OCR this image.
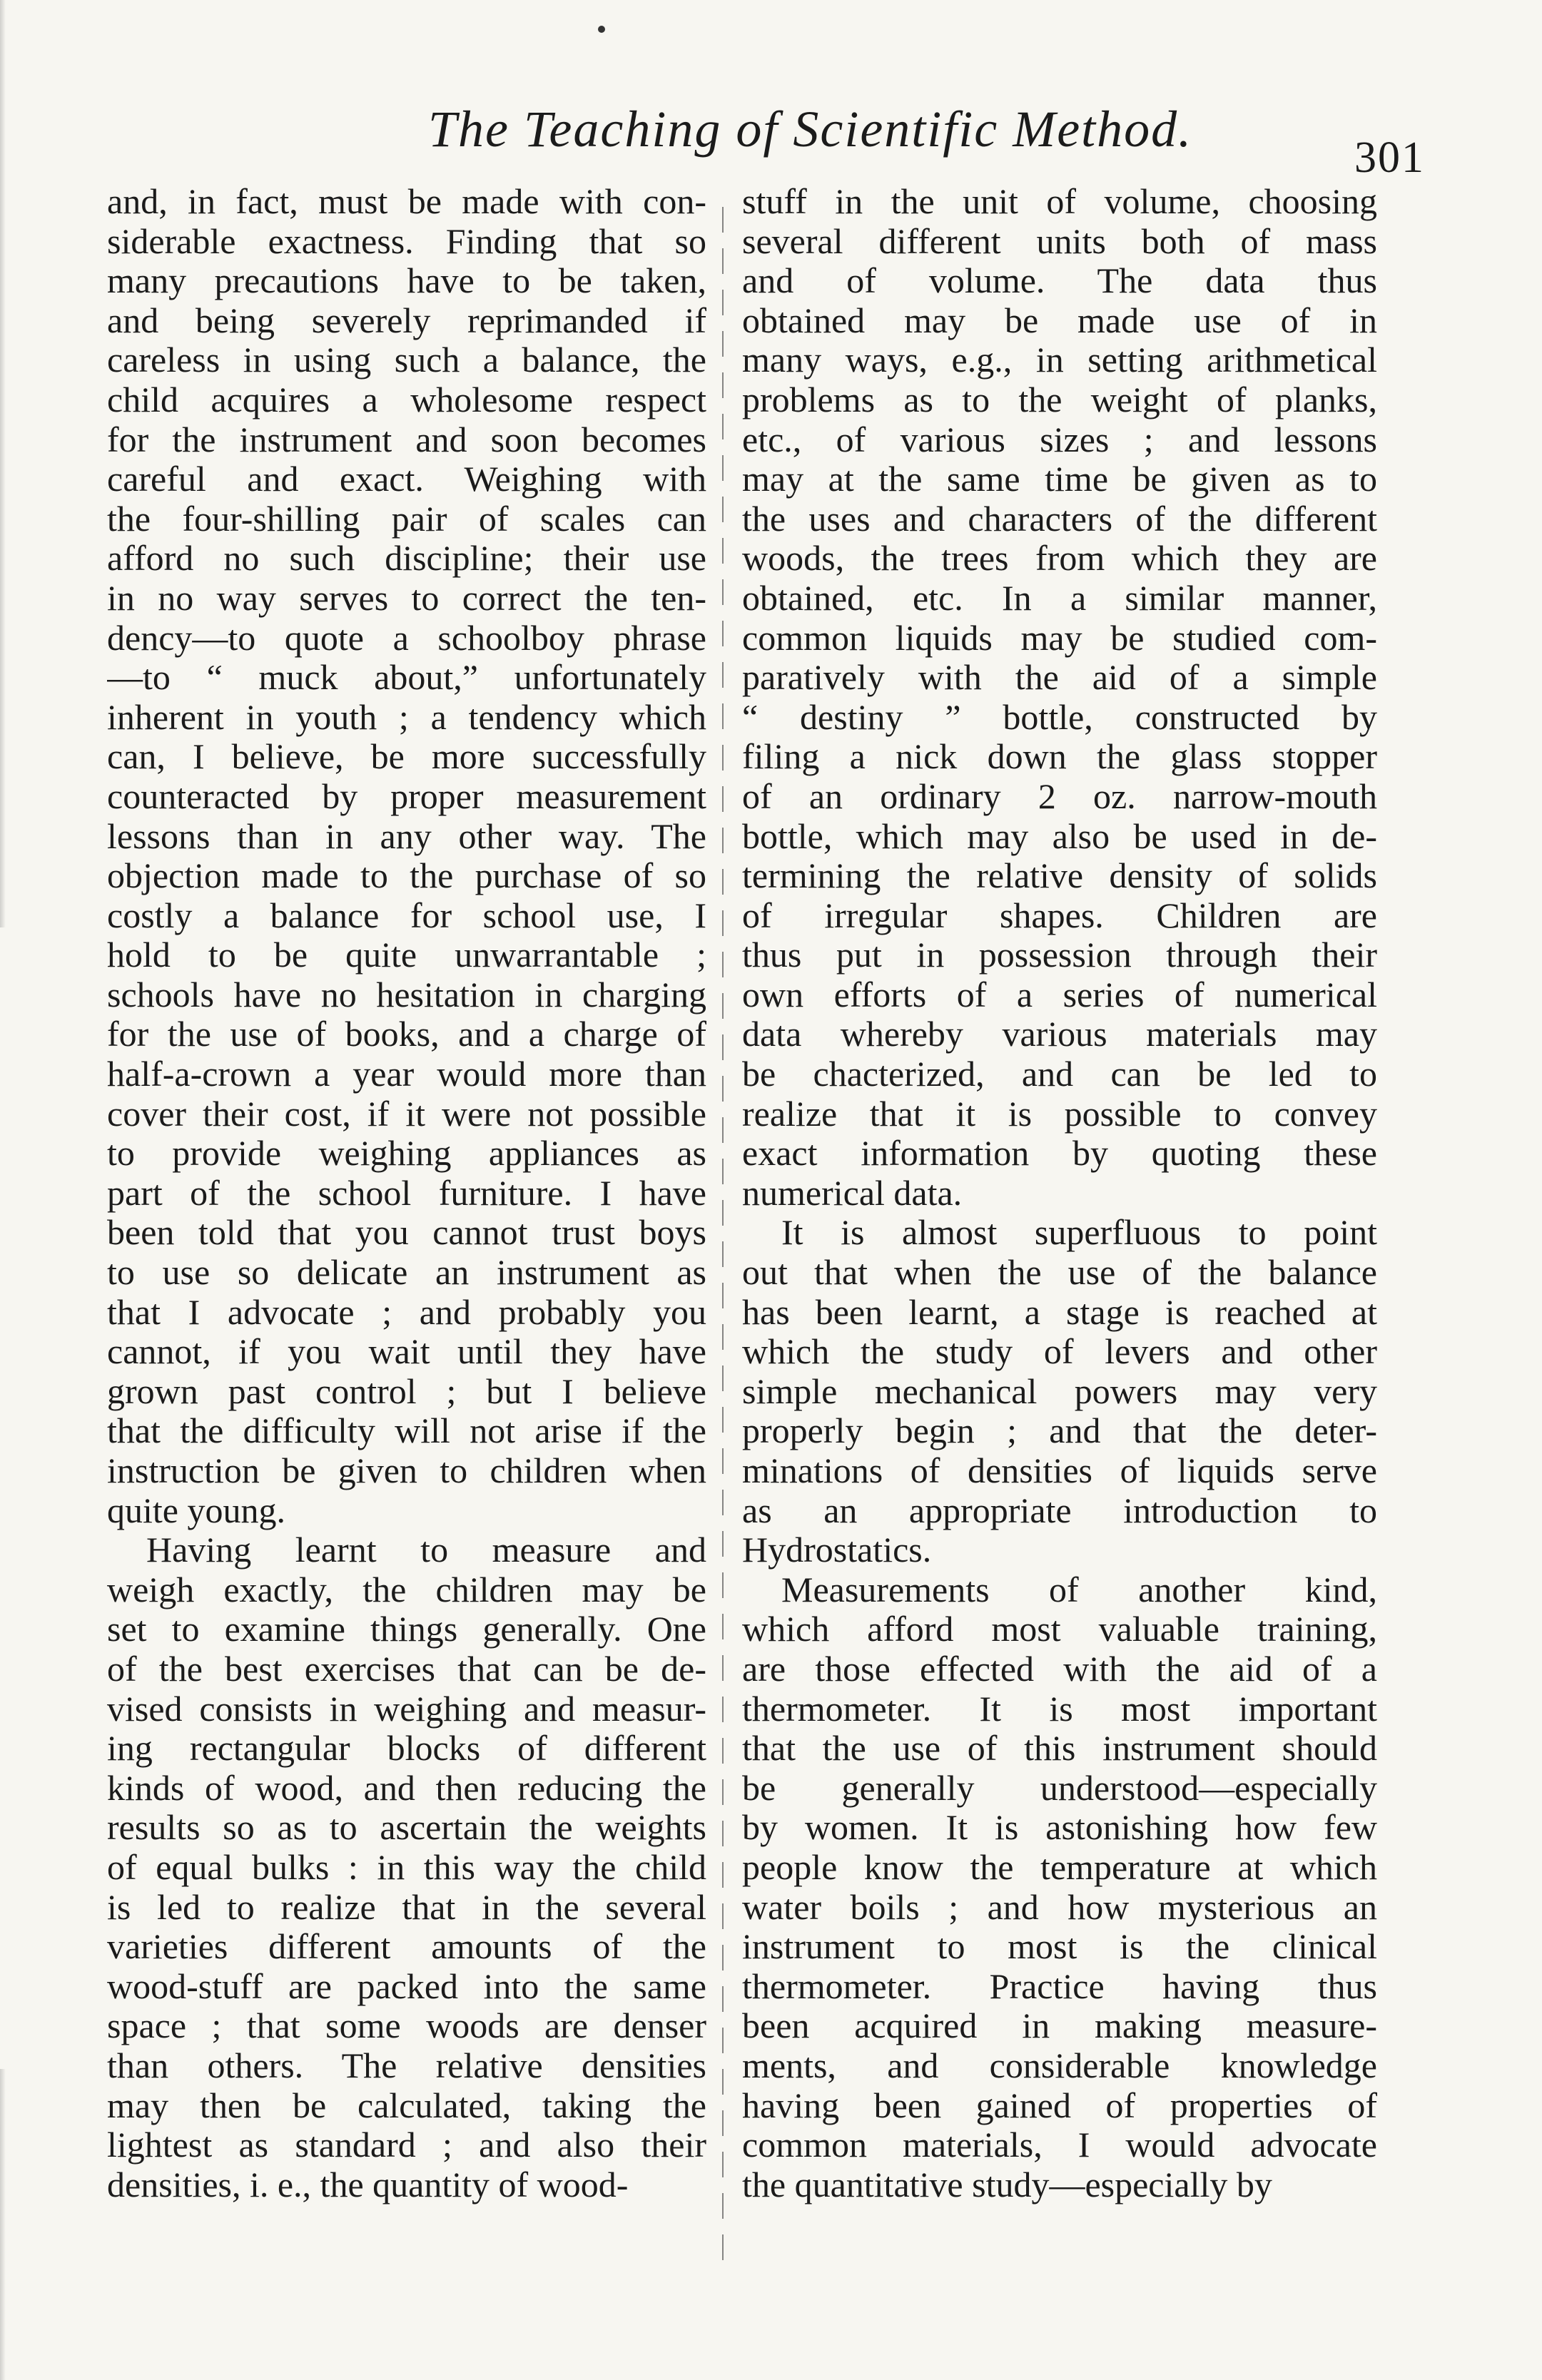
The Teaching of Scientific Method.	301
and, in fact, must be made with con-
siderable exactness. Finding that so
many precautions have to be taken,
and being severely reprimanded if
careless in using such a balance, the
child acquires a wholesome respect
for the instrument and soon becomes
careful and exact. Weighing with
the four-shilling pair of scales can
afford no such discipline; their use
in no way serves to correct the ten-
dency—to quote a schoolboy phrase
—to “ muck about,” unfortunately
inherent in youth ; a tendency which
can, I believe, be more successfully
counteracted by proper measurement
lessons than in any other way. The
objection made to the purchase of so
costly a balance for school use, I
hold to be quite unwarrantable ;
schools have no hesitation in charging
for the use of books, and a charge of
half-a-crown a year would more than
cover their cost, if it were not possible
to provide weighing appliances as
part of the school furniture. I have
been told that you cannot trust boys
to use so delicate an instrument as
that I advocate ; and probably you
cannot, if you wait until they have
grown past control ; but I believe
that the difficulty will not arise if the
instruction be given to children when
quite young.
Having learnt to measure and
weigh exactly, the children may be
set to examine things generally. One
of the best exercises that can be de-
vised consists in weighing and measur-
ing rectangular blocks of different
kinds of wood, and then reducing the
results so as to ascertain the weights
of equal bulks : in this way the child
is led to realize that in the several
varieties different amounts of the
wood-stuff are packed into the same
space ; that some woods are denser
than others. The relative densities
may then be calculated, taking the
lightest as standard ; and also their
densities, i. e., the quantity of wood-
stuff in the unit of volume, choosing
several different units both of mass
and of volume. The data thus
obtained may be made use of in
many ways, e.g., in setting arithmetical
problems as to the weight of planks,
etc., of various sizes ; and lessons
may at the same time be given as to
the uses and characters of the different
woods, the trees from which they are
obtained, etc. In a similar manner,
common liquids may be studied com-
paratively with the aid of a simple
“ destiny ” bottle, constructed by
filing a nick down the glass stopper
of an ordinary 2 oz. narrow-mouth
bottle, which may also be used in de-
termining the relative density of solids
of irregular shapes. Children are
thus put in possession through their
own efforts of a series of numerical
data whereby various materials may
be chacterized, and can be led to
realize that it is possible to convey
exact information by quoting these
numerical data.
It is almost superfluous to point
out that when the use of the balance
has been learnt, a stage is reached at
which the study of levers and other
simple mechanical powers may very
properly begin ; and that the deter-
minations of densities of liquids serve
as an appropriate introduction to
Hydrostatics.
Measurements of another kind,
which afford most valuable training,
are those effected with the aid of a
thermometer. It is most important
that the use of this instrument should
be generally understood—especially
by women. It is astonishing how few
people know the temperature at which
water boils ; and how mysterious an
instrument to most is the clinical
thermometer. Practice having thus
been acquired in making measure-
ments, and considerable knowledge
having been gained of properties of
common materials, I would advocate
the quantitative study—especially by
